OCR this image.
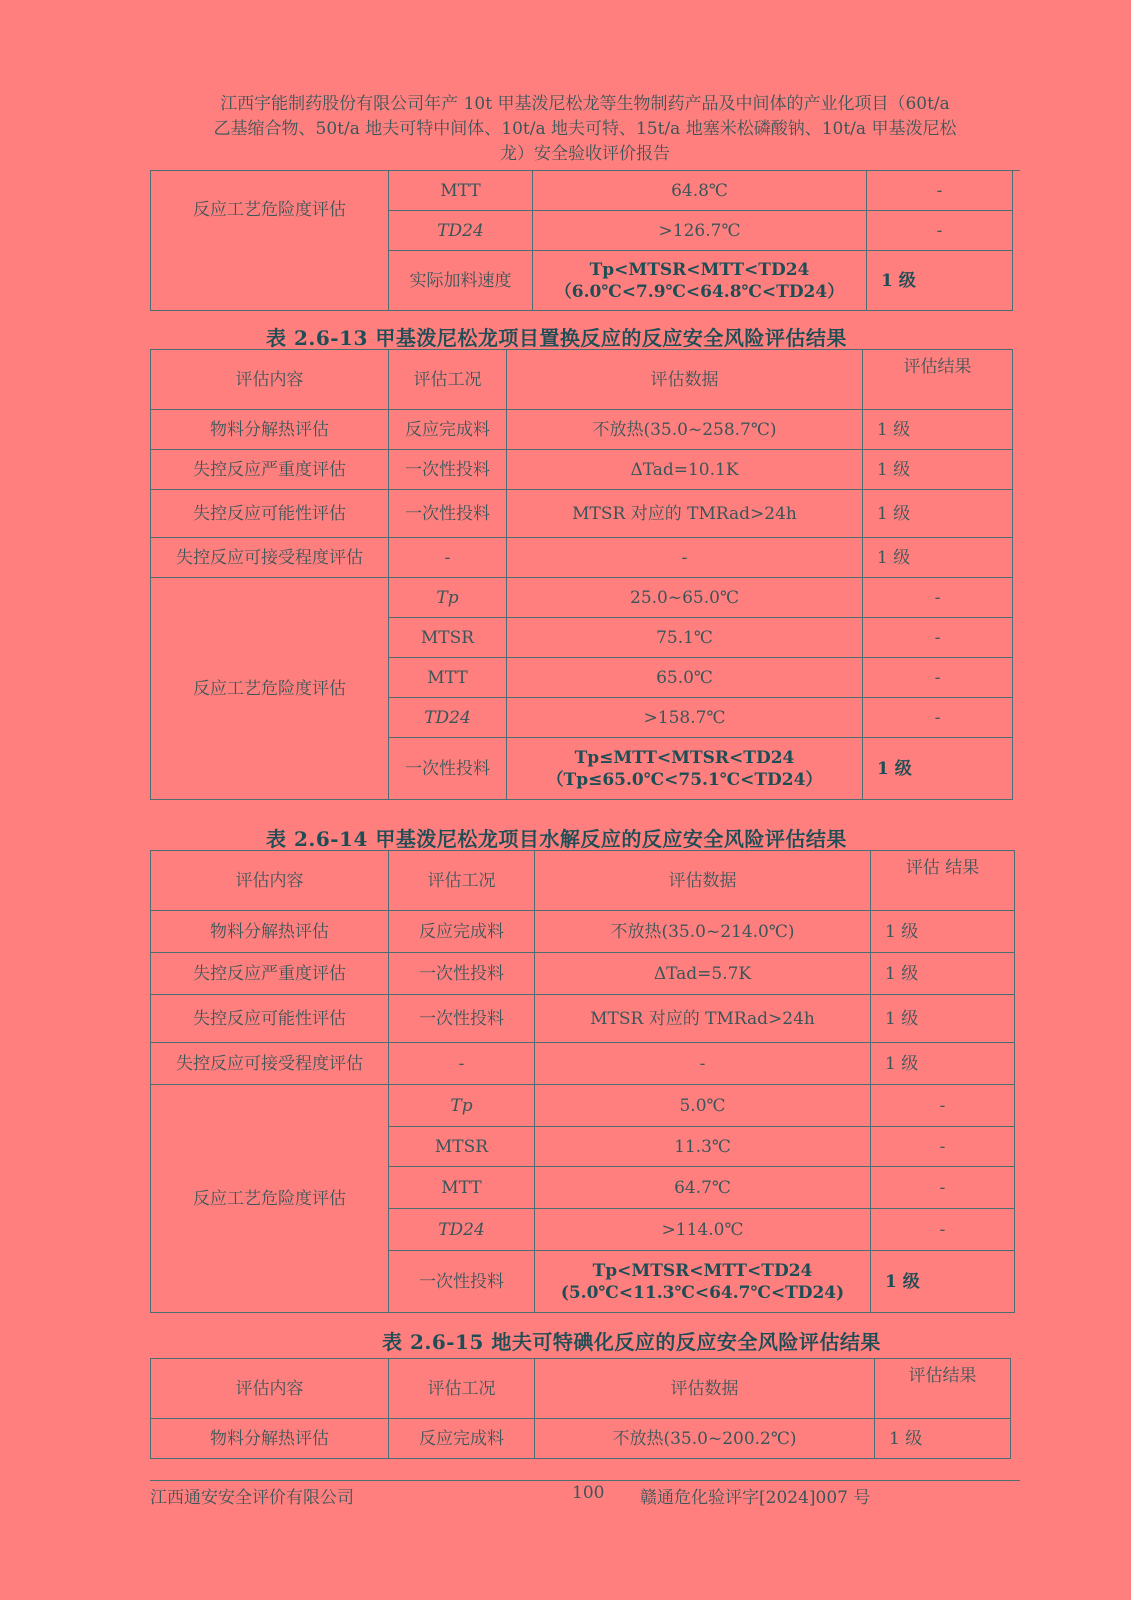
江西宇能制药股份有限公司年产 10t 甲基泼尼松龙等生物制药产品及中间体的产业化项目（60t/a
乙基缩合物、50t/a 地夫可特中间体、10t/a 地夫可特、15t/a 地塞米松磷酸钠、10t/a 甲基泼尼松
龙）安全验收评价报告
反应工艺危险度评估	MTT	64.8℃	-
	TD24	>126.7℃	-
	实际加料速度	Tp<MTSR<MTT<TD24
（6.0℃<7.9℃<64.8℃<TD24）	1 级
表 2.6-13 甲基泼尼松龙项目置换反应的反应安全风险评估结果
评估内容	评估工况	评估数据	评估结果
物料分解热评估	反应完成料	不放热(35.0~258.7℃)	1 级
失控反应严重度评估	一次性投料	ΔTad=10.1K	1 级
失控反应可能性评估	一次性投料	MTSR 对应的 TMRad>24h	1 级
失控反应可接受程度评估	-	-	1 级
反应工艺危险度评估	Tp	25.0~65.0℃	-
	MTSR	75.1℃	-
	MTT	65.0℃	-
	TD24	>158.7℃	-
	一次性投料	Tp≤MTT<MTSR<TD24
（Tp≤65.0℃<75.1℃<TD24）	1 级
表 2.6-14 甲基泼尼松龙项目水解反应的反应安全风险评估结果
评估内容	评估工况	评估数据	评估 结果
物料分解热评估	反应完成料	不放热(35.0~214.0℃)	1 级
失控反应严重度评估	一次性投料	ΔTad=5.7K	1 级
失控反应可能性评估	一次性投料	MTSR 对应的 TMRad>24h	1 级
失控反应可接受程度评估	-	-	1 级
反应工艺危险度评估	Tp	5.0℃	-
	MTSR	11.3℃	-
	MTT	64.7℃	-
	TD24	>114.0℃	-
	一次性投料	Tp<MTSR<MTT<TD24
(5.0℃<11.3℃<64.7℃<TD24)	1 级
表 2.6-15 地夫可特碘化反应的反应安全风险评估结果
评估内容	评估工况	评估数据	评估结果
物料分解热评估	反应完成料	不放热(35.0~200.2℃)	1 级
江西通安安全评价有限公司	100 赣通危化验评字[2024]007 号
